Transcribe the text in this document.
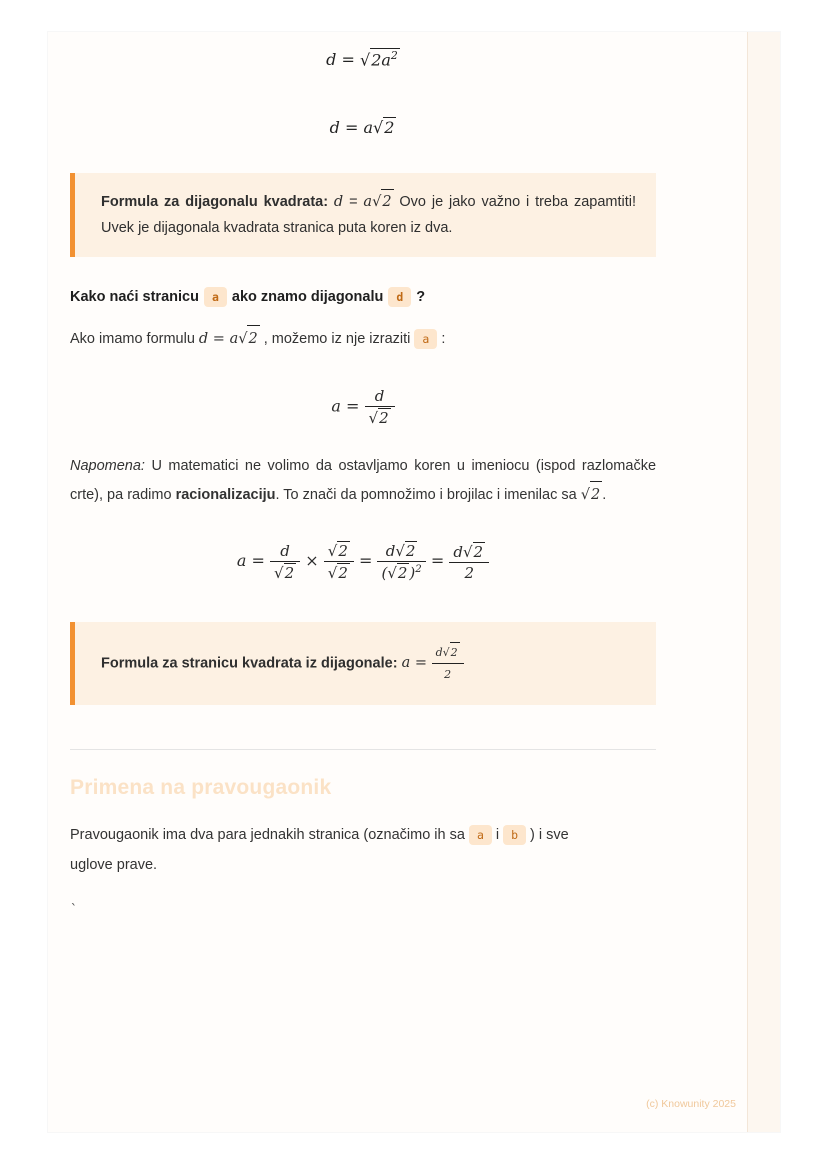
$d = √2a^2$
d = a√2
Formula za dijagonalu kvadrata: d = a√2 Ovo je jako važno i treba zapamtiti! Uvek je dijagonala kvadrata stranica puta koren iz dva.
Kako naći stranicu	a ako znamo dijagonalu	d ?
Ako imamo formulu d = a√2 , možemo iz nje izraziti	a :
$a = \frac{d}{√2}$
Napomena: U matematici ne volimo da ostavljamo koren u imeniocu (ispod razlomačke crte), pa radimo racionalizaciju. To znači da pomnožimo i brojilac i imenilac sa √2 .
$a = \frac{d}{√2} \times \frac{√2}{√2} = \frac{d√2}{(√2 )^2} = \frac{d√2}{2}$
Formula za stranicu kvadrata iz dijagonale: $a = \frac{d√2}{2}$
Primena na pravougaonik
Pravougaonik ima dva para jednakih stranica (označimo ih sa	a i	b ) i sve
uglove prave.
`
(c) Knowunity 2025
